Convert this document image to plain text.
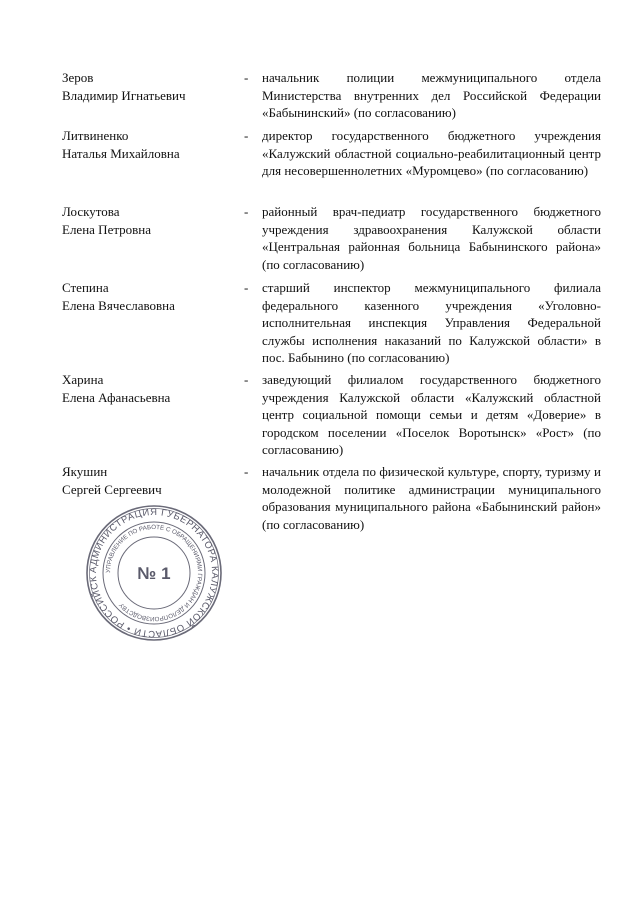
Зеров
Владимир Игнатьевич
- начальник полиции межмуниципального отдела Министерства внутренних дел Российской Федерации «Бабынинский» (по согласованию)
Литвиненко
Наталья Михайловна
- директор государственного бюджетного учреждения «Калужский областной социально-реабилитационный центр для несовершеннолетних «Муромцево» (по согласованию)
Лоскутова
Елена Петровна
- районный врач-педиатр государственного бюджетного учреждения здравоохранения Калужской области «Центральная районная больница Бабынинского района» (по согласованию)
Степина
Елена Вячеславовна
- старший инспектор межмуниципального филиала федерального казенного учреждения «Уголовно-исполнительная инспекция Управления Федеральной службы исполнения наказаний по Калужской области» в пос. Бабынино (по согласованию)
Харина
Елена Афанасьевна
- заведующий филиалом государственного бюджетного учреждения Калужской области «Калужский областной центр социальной помощи семьи и детям «Доверие» в городском поселении «Поселок Воротынск» «Рост» (по согласованию)
Якушин
Сергей Сергеевич
- начальник отдела по физической культуре, спорту, туризму и молодежной политике администрации муниципального образования муниципального района «Бабынинский район» (по согласованию)
АДМИНИСТРАЦИЯ ГУБЕРНАТОРА КАЛУЖСКОЙ ОБЛАСТИ • РОССИЙСК
УПРАВЛЕНИЕ ПО РАБОТЕ С ОБРАЩЕНИЯМИ ГРАЖДАН И ДЕЛОПРОИЗВОДСТВУ
№ 1
